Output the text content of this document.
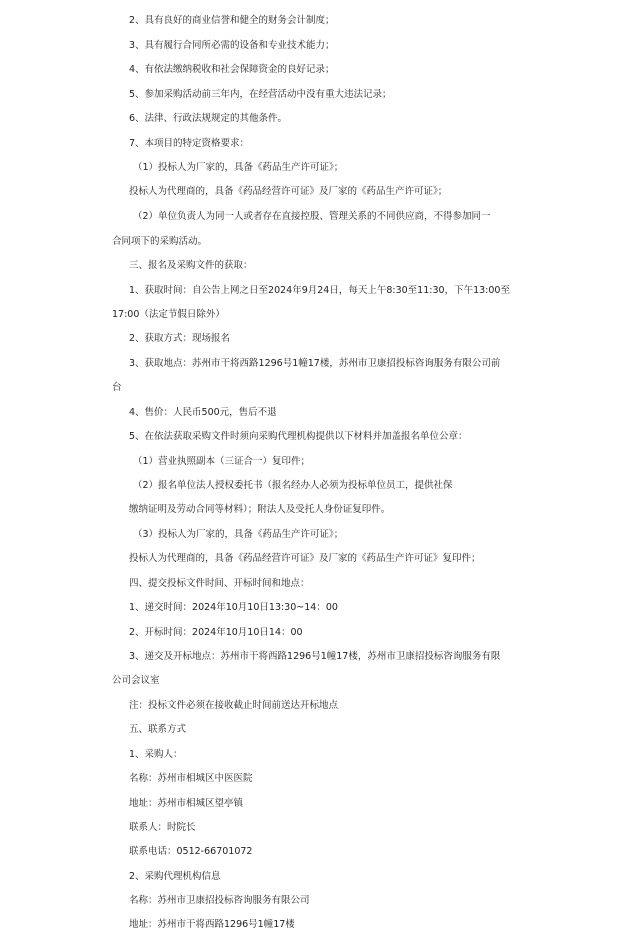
2、具有良好的商业信誉和健全的财务会计制度；

3、具有履行合同所必需的设备和专业技术能力；

4、有依法缴纳税收和社会保障资金的良好记录；

5、参加采购活动前三年内，在经营活动中没有重大违法记录；

6、法律、行政法规规定的其他条件。

7、本项目的特定资格要求：

（1）投标人为厂家的，具备《药品生产许可证》；

投标人为代理商的，具备《药品经营许可证》及厂家的《药品生产许可证》；

（2）单位负责人为同一人或者存在直接控股、管理关系的不同供应商，不得参加同一

合同项下的采购活动。

三、报名及采购文件的获取：

1、获取时间：自公告上网之日至2024年9月24日，每天上午8:30至11:30，下午13:00至

17:00（法定节假日除外）

2、获取方式：现场报名

3、获取地点：苏州市干将西路1296号1幢17楼，苏州市卫康招投标咨询服务有限公司前

台

4、售价：人民币500元，售后不退

5、在依法获取采购文件时须向采购代理机构提供以下材料并加盖报名单位公章：

（1）营业执照副本（三证合一）复印件；

（2）报名单位法人授权委托书（报名经办人必须为投标单位员工，提供社保

缴纳证明及劳动合同等材料）；附法人及受托人身份证复印件。

（3）投标人为厂家的，具备《药品生产许可证》；

投标人为代理商的，具备《药品经营许可证》及厂家的《药品生产许可证》复印件；

四、提交投标文件时间、开标时间和地点：

1、递交时间：2024年10月10日13:30~14：00

2、开标时间：2024年10月10日14：00

3、递交及开标地点：苏州市干将西路1296号1幢17楼，苏州市卫康招投标咨询服务有限

公司会议室

注：投标文件必须在接收截止时间前送达开标地点

五、联系方式

1、采购人：

名称：苏州市相城区中医医院

地址：苏州市相城区望亭镇

联系人：时院长

联系电话：0512-66701072

2、采购代理机构信息

名称：苏州市卫康招投标咨询服务有限公司

地址：苏州市干将西路1296号1幢17楼
